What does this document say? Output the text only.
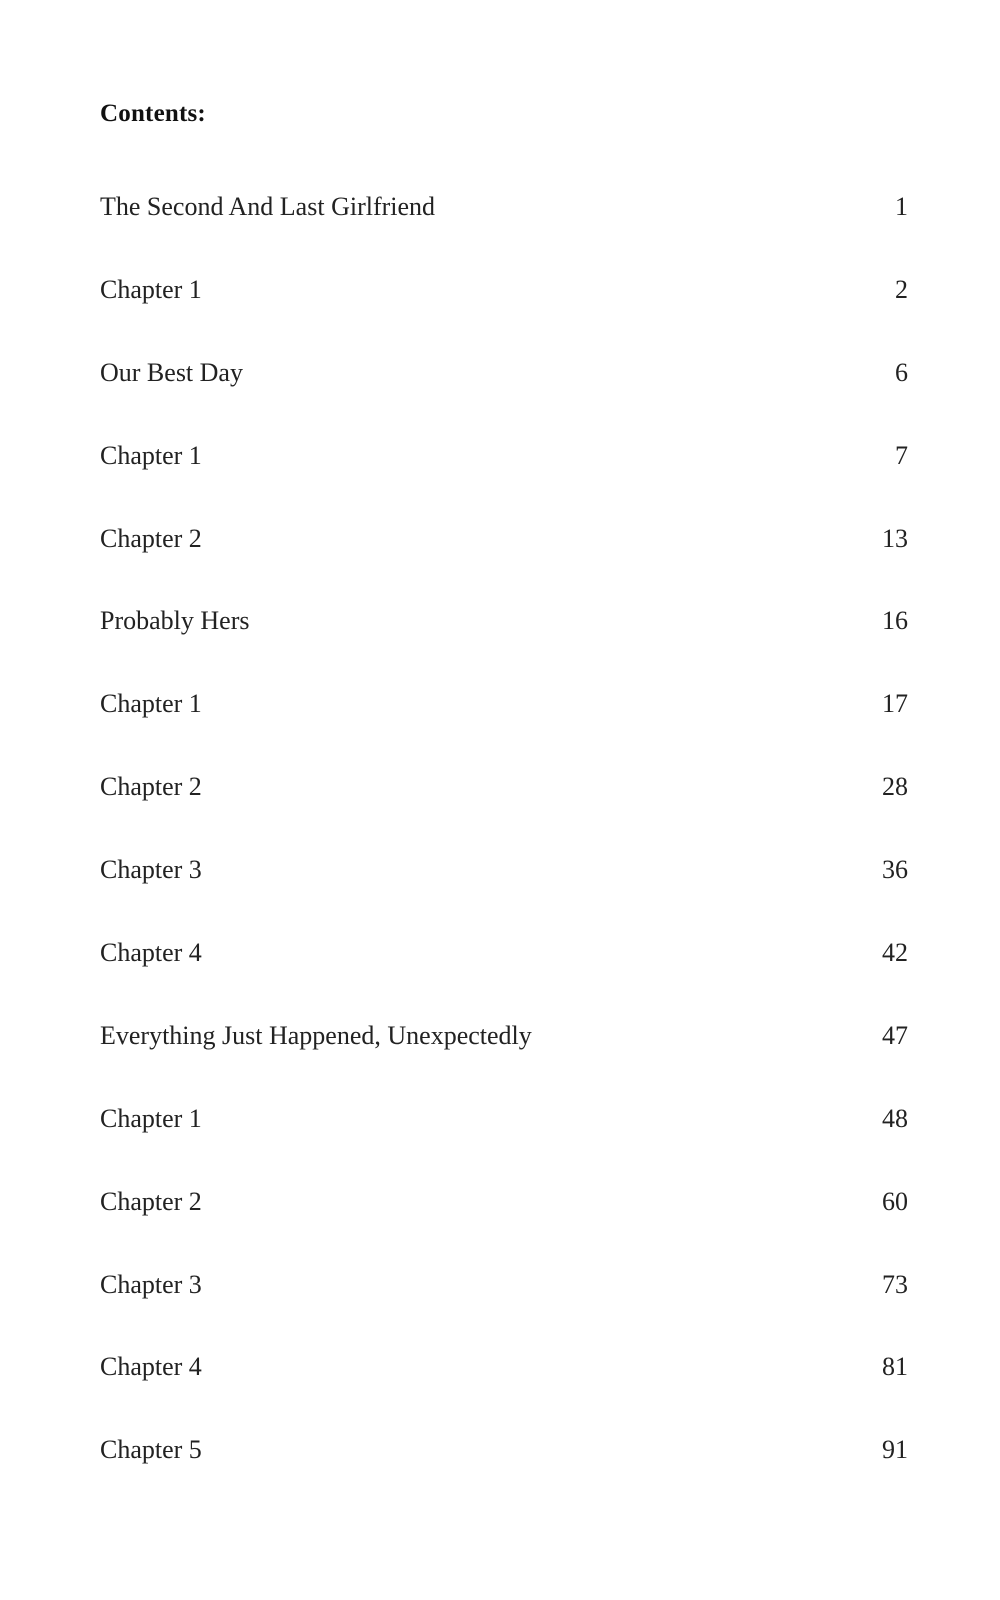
Contents:
The Second And Last Girlfriend	1
Chapter 1	2
Our Best Day	6
Chapter 1	7
Chapter 2	13
Probably Hers	16
Chapter 1	17
Chapter 2	28
Chapter 3	36
Chapter 4	42
Everything Just Happened, Unexpectedly	47
Chapter 1	48
Chapter 2	60
Chapter 3	73
Chapter 4	81
Chapter 5	91
